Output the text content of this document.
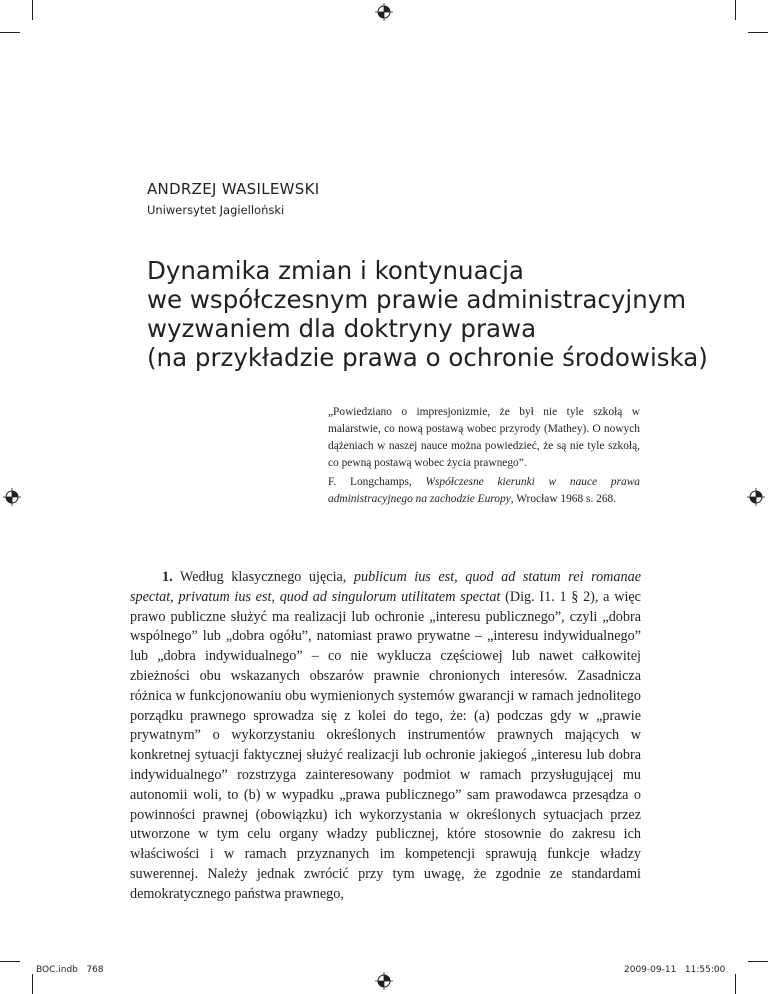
ANDRZEJ WASILEWSKI
Uniwersytet Jagielloński
Dynamika zmian i kontynuacja
we współczesnym prawie administracyjnym
wyzwaniem dla doktryny prawa
(na przykładzie prawa o ochronie środowiska)

„Powiedziano o impresjonizmie, że był nie tyle szkołą w malarstwie, co nową postawą wobec przyrody (Mathey). O nowych dążeniach w naszej nauce można powiedzieć, że są nie tyle szkołą, co pewną postawą wobec życia prawnego”.

F. Longchamps, Współczesne kierunki w nauce prawa administracyjnego na zachodzie Europy, Wrocław 1968 s. 268.

1. Według klasycznego ujęcia, publicum ius est, quod ad statum rei romanae spectat, privatum ius est, quod ad singulorum utilitatem spectat (Dig. I1. 1 § 2), a więc prawo publiczne służyć ma realizacji lub ochronie „interesu publicznego”, czyli „dobra wspólnego” lub „dobra ogółu”, natomiast prawo prywatne – „interesu indywidualnego” lub „dobra indywidualnego” – co nie wyklucza częściowej lub nawet całkowitej zbieżności obu wskazanych obszarów prawnie chronionych interesów. Zasadnicza różnica w funkcjonowaniu obu wymienionych systemów gwarancji w ramach jednolitego porządku prawnego sprowadza się z kolei do tego, że: (a) podczas gdy w „prawie prywatnym” o wykorzystaniu określonych instrumentów prawnych mających w konkretnej sytuacji faktycznej służyć realizacji lub ochronie jakiegoś „interesu lub dobra indywidualnego” rozstrzyga zainteresowany podmiot w ramach przysługującej mu autonomii woli, to (b) w wypadku „prawa publicznego” sam prawodawca przesądza o powinności prawnej (obowiązku) ich wykorzystania w określonych sytuacjach przez utworzone w tym celu organy władzy publicznej, które stosownie do zakresu ich właściwości i w ramach przyznanych im kompetencji sprawują funkcje władzy suwerennej. Należy jednak zwrócić przy tym uwagę, że zgodnie ze standardami demokratycznego państwa prawnego,

BOC.indb   768	2009-09-11   11:55:00
